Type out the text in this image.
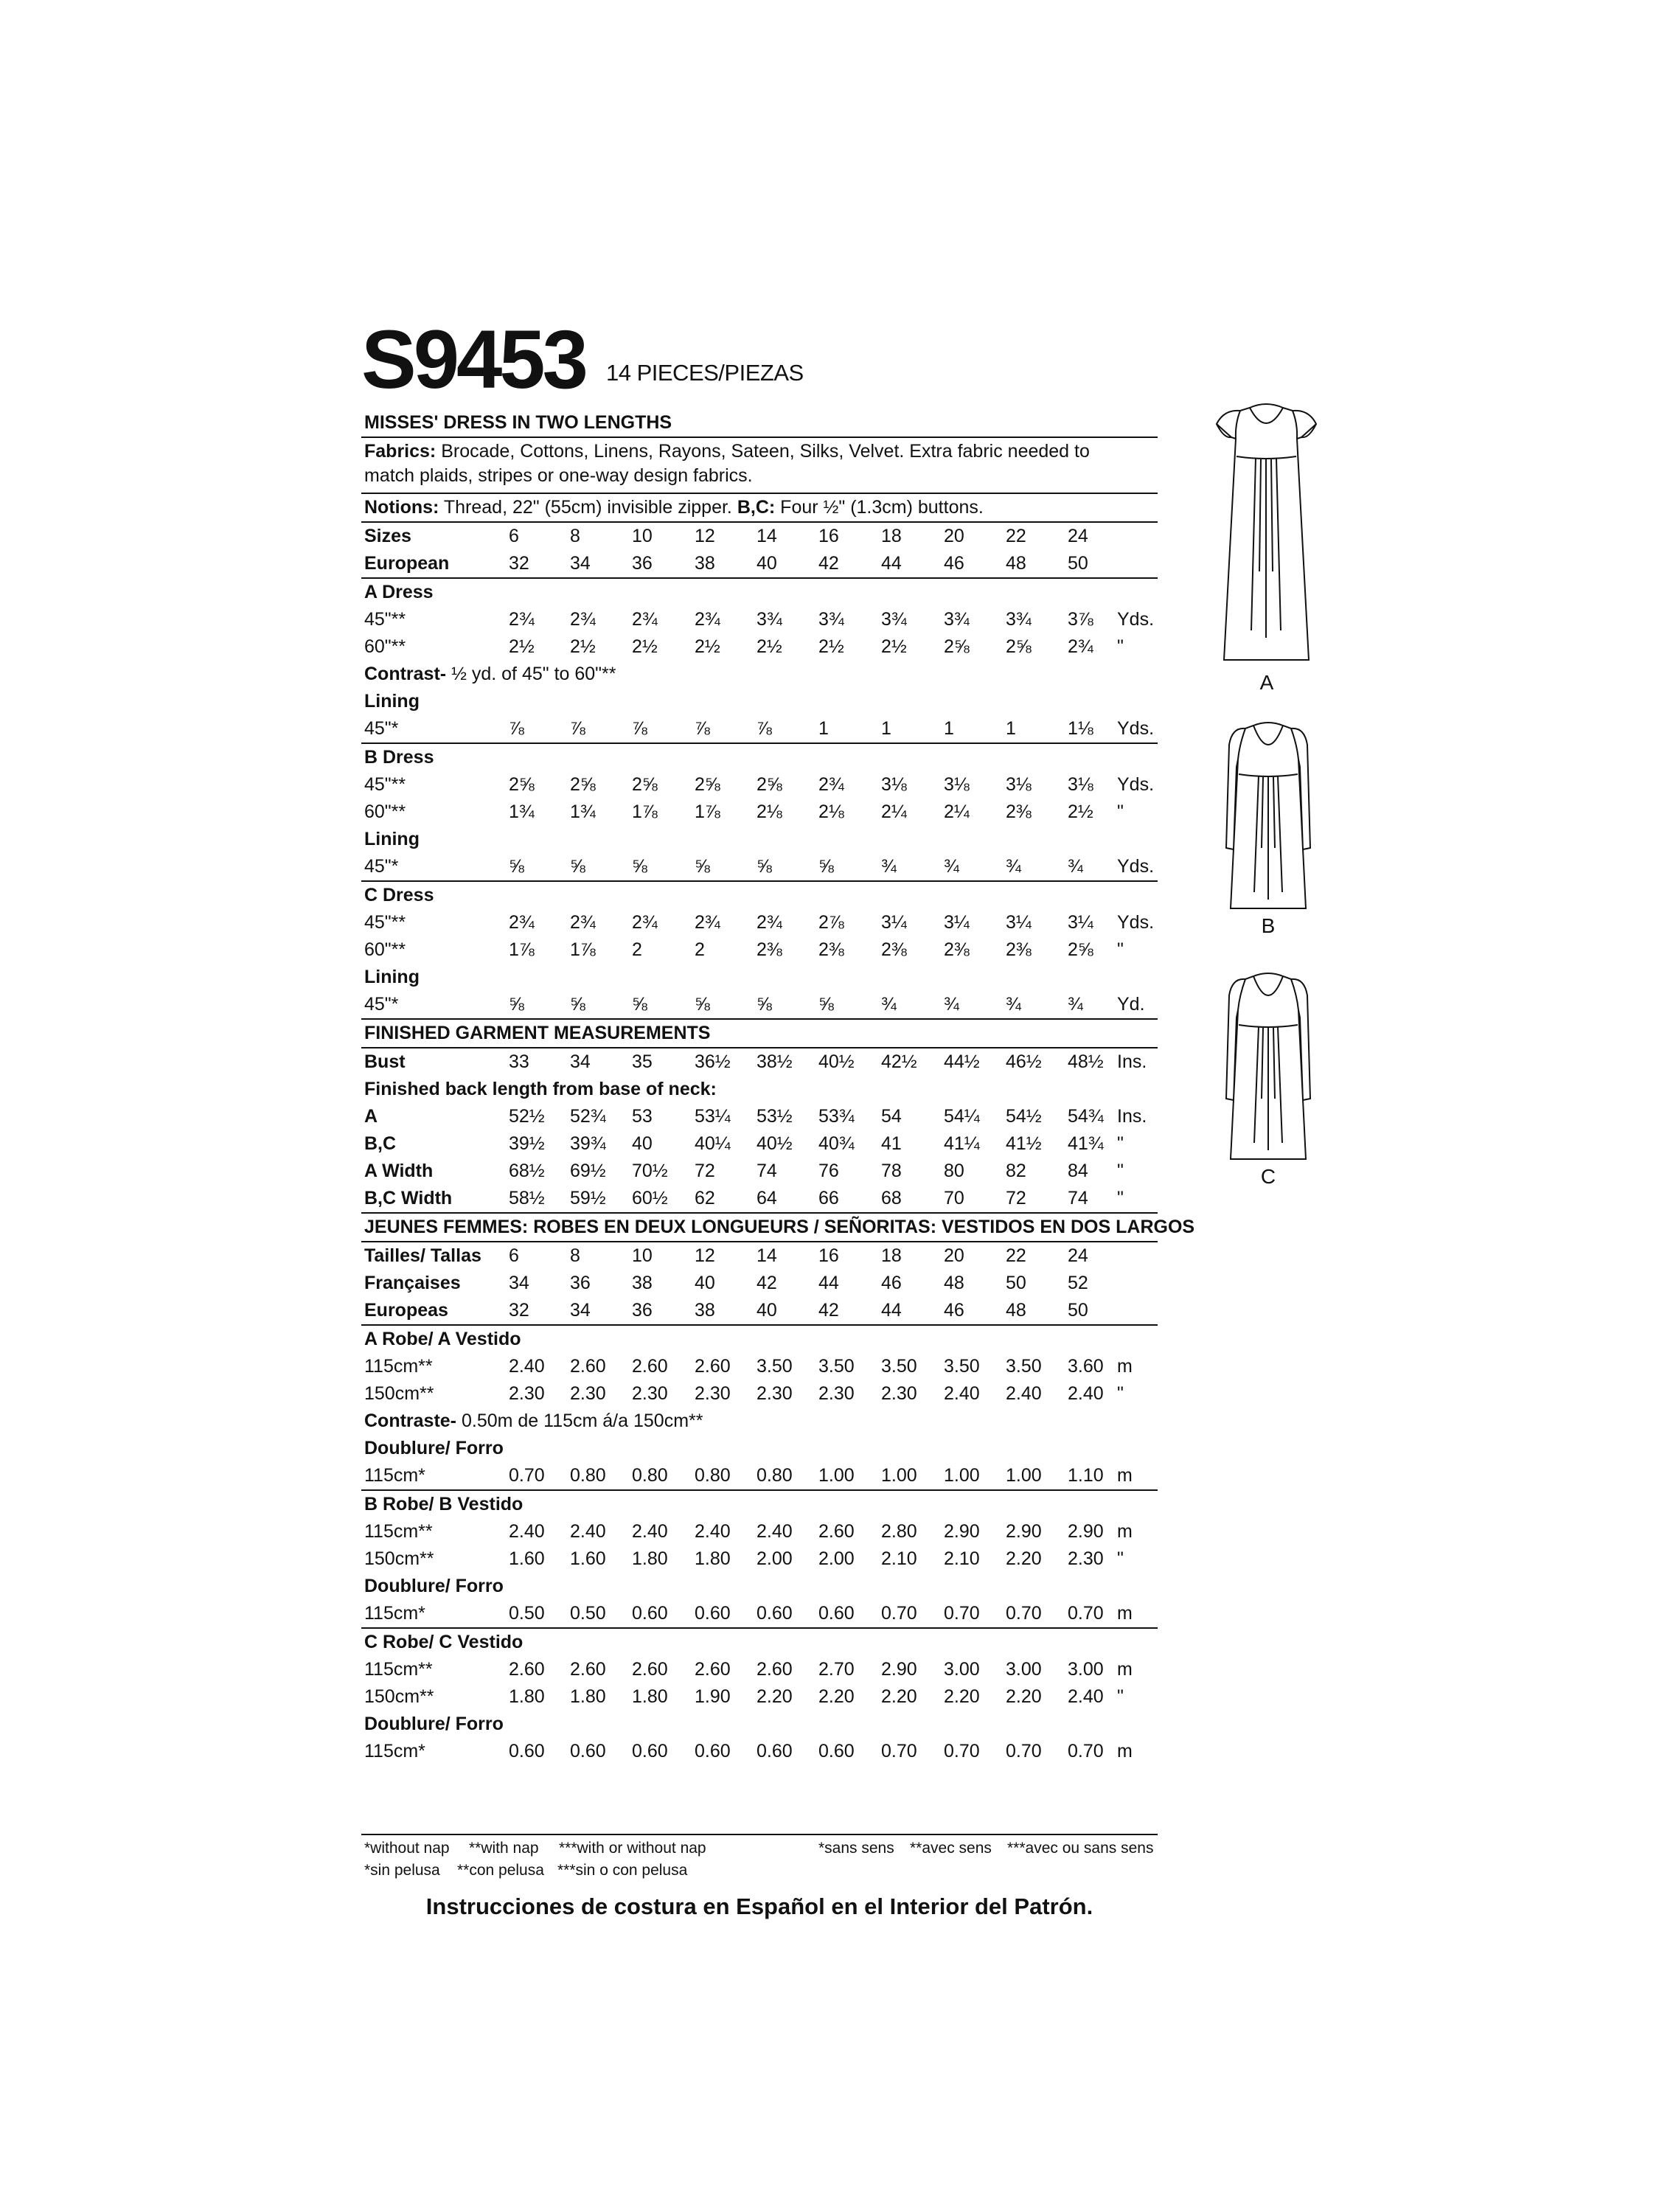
S9453 14 PIECES/PIEZAS
MISSES' DRESS IN TWO LENGTHS
Fabrics: Brocade, Cottons, Linens, Rayons, Sateen, Silks, Velvet. Extra fabric needed to match plaids, stripes or one-way design fabrics.
Notions: Thread, 22" (55cm) invisible zipper. B,C: Four ½" (1.3cm) buttons.
Sizes	6	8	10 12 14 16 18 20 22 24
European	32 34 36 38 40 42 44 46 48 50
A Dress
45"**	2¾ 2¾ 2¾ 2¾ 3¾ 3¾ 3¾ 3¾ 3¾ 3⅞ Yds.
60"**	2½ 2½ 2½ 2½ 2½ 2½ 2½ 2⅝ 2⅝ 2¾ "
Contrast- ½ yd. of 45" to 60"**
Lining
45"*	⅞ ⅞	⅞	⅞	⅞	1	1	1	1	1⅛ Yds.
B Dress
45"**	2⅝ 2⅝ 2⅝ 2⅝ 2⅝ 2¾ 3⅛ 3⅛ 3⅛ 3⅛ Yds.
60"**	1¾ 1¾ 1⅞ 1⅞ 2⅛ 2⅛ 2¼ 2¼ 2⅜ 2½ "
Lining
45"*	⅝ ⅝	⅝	⅝	⅝	⅝	¾	¾	¾	¾ Yds.
C Dress
45"**	2¾ 2¾ 2¾ 2¾ 2¾ 2⅞ 3¼ 3¼ 3¼ 3¼ Yds.
60"**	1⅞ 1⅞ 2	2	2⅜ 2⅜ 2⅜ 2⅜ 2⅜ 2⅝ "
Lining
45"*	⅝ ⅝	⅝	⅝	⅝	⅝	¾	¾	¾	¾ Yd.
FINISHED GARMENT MEASUREMENTS
Bust	33 34 35 36½ 38½ 40½ 42½ 44½ 46½ 48½ Ins.
Finished back length from base of neck:
A	52½ 52¾ 53 53¼ 53½ 53¾ 54 54¼ 54½ 54¾ Ins.
B,C	39½ 39¾ 40 40¼ 40½ 40¾ 41 41¼ 41½ 41¾ "
A Width	68½ 69½ 70½ 72 74 76 78 80 82 84 "
B,C Width	58½ 59½ 60½ 62 64 66 68 70 72 74 "
JEUNES FEMMES: ROBES EN DEUX LONGUEURS / SEÑORITAS: VESTIDOS EN DOS LARGOS
Tailles/ Tallas 6	8	10 12 14 16 18 20 22 24
Françaises	34 36 38 40 42 44 46 48 50 52
Europeas	32 34 36 38 40 42 44 46 48 50
A Robe/ A Vestido
115cm**	2.40 2.60 2.60 2.60 3.50 3.50 3.50 3.50 3.50 3.60 m
150cm**	2.30 2.30 2.30 2.30 2.30 2.30 2.30 2.40 2.40 2.40 "
Contraste- 0.50m de 115cm á/a 150cm**
Doublure/ Forro
115cm*	0.70 0.80 0.80 0.80 0.80 1.00 1.00 1.00 1.00 1.10 m
B Robe/ B Vestido
115cm**	2.40 2.40 2.40 2.40 2.40 2.60 2.80 2.90 2.90 2.90 m
150cm**	1.60 1.60 1.80 1.80 2.00 2.00 2.10 2.10 2.20 2.30 "
Doublure/ Forro
115cm*	0.50 0.50 0.60 0.60 0.60 0.60 0.70 0.70 0.70 0.70 m
C Robe/ C Vestido
115cm**	2.60 2.60 2.60 2.60 2.60 2.70 2.90 3.00 3.00 3.00 m
150cm**	1.80 1.80 1.80 1.90 2.20 2.20 2.20 2.20 2.20 2.40 "
Doublure/ Forro
115cm*	0.60 0.60 0.60 0.60 0.60 0.60 0.70 0.70 0.70 0.70 m
*without nap **with nap ***with or without nap	*sans sens **avec sens ***avec ou sans sens
*sin pelusa **con pelusa ***sin o con pelusa
Instrucciones de costura en Español en el Interior del Patrón.
A
B
C
